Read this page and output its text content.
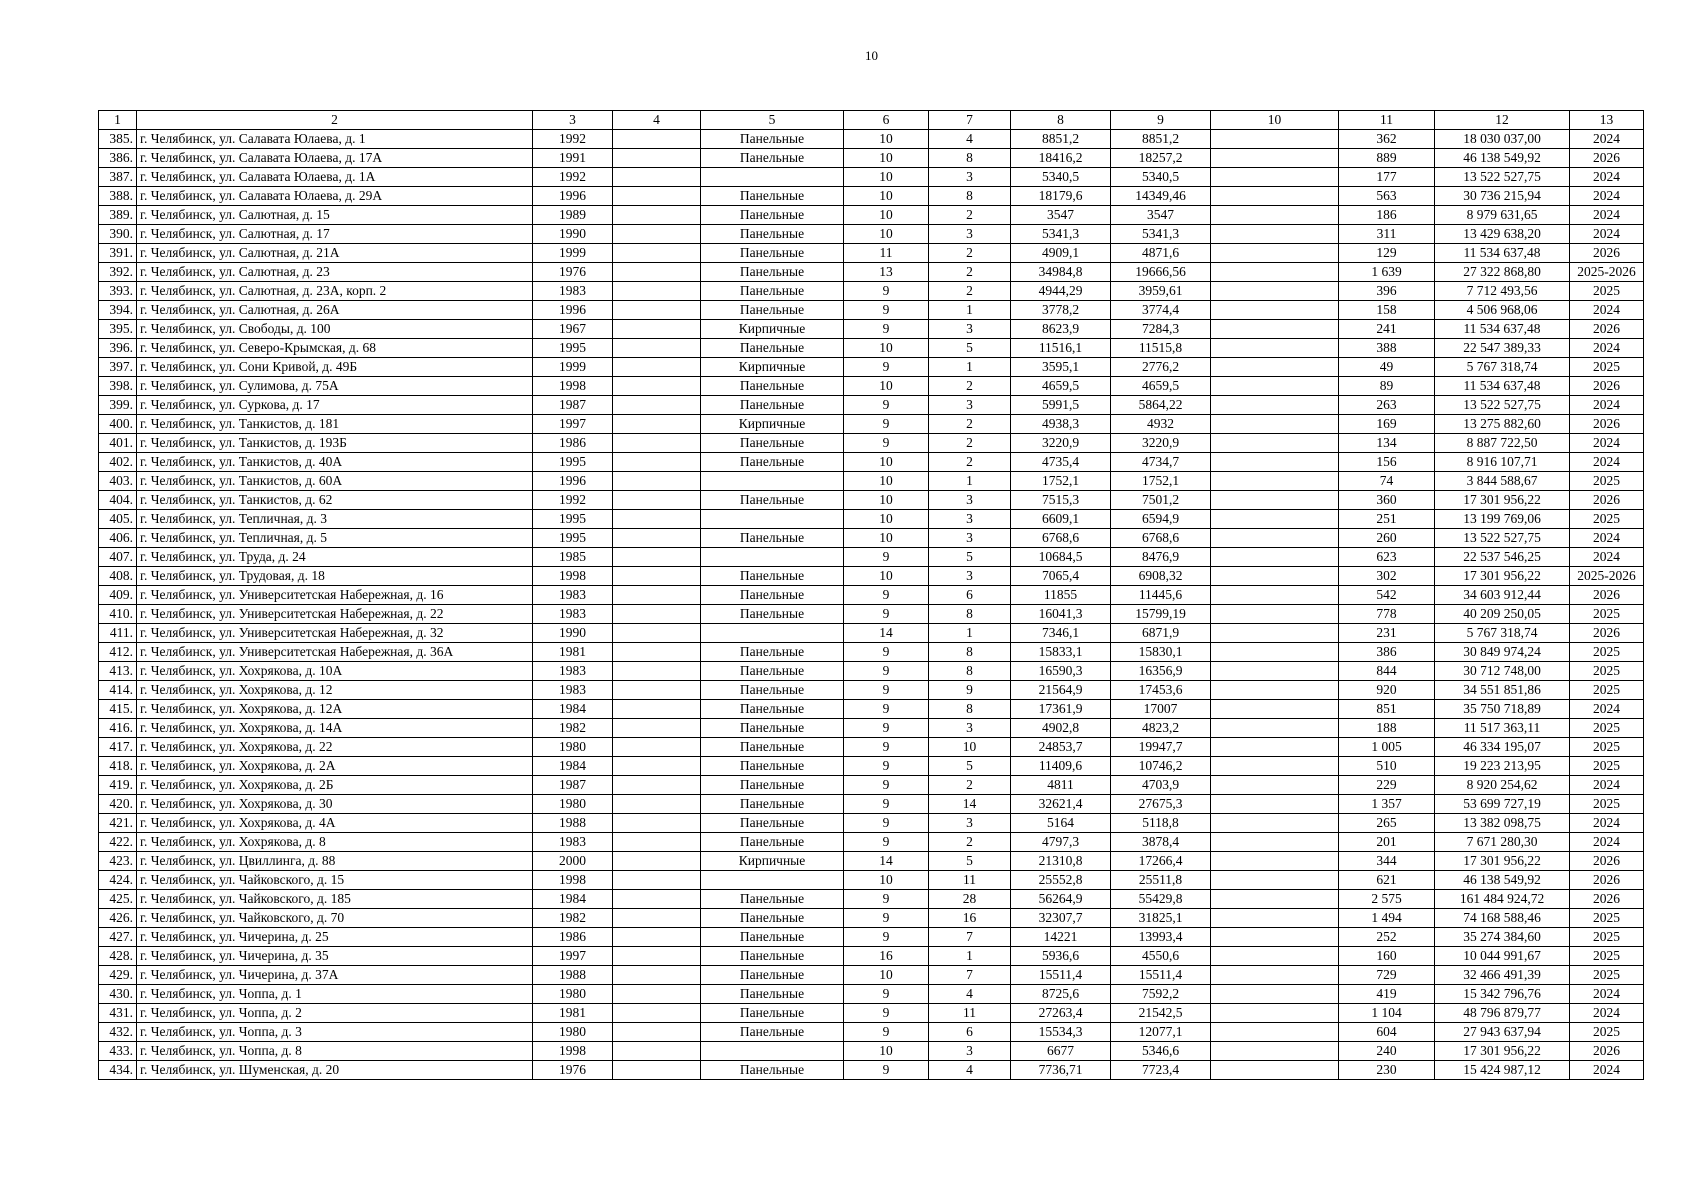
10
1	2	3	4	5	6	7	8	9	10	11	12	13
385.	г. Челябинск, ул. Салавата Юлаева, д. 1	1992		Панельные	10	4	8851,2	8851,2		362	18 030 037,00	2024
386.	г. Челябинск, ул. Салавата Юлаева, д. 17А	1991		Панельные	10	8	18416,2	18257,2		889	46 138 549,92	2026
387.	г. Челябинск, ул. Салавата Юлаева, д. 1А	1992			10	3	5340,5	5340,5		177	13 522 527,75	2024
388.	г. Челябинск, ул. Салавата Юлаева, д. 29А	1996		Панельные	10	8	18179,6	14349,46		563	30 736 215,94	2024
389.	г. Челябинск, ул. Салютная, д. 15	1989		Панельные	10	2	3547	3547		186	8 979 631,65	2024
390.	г. Челябинск, ул. Салютная, д. 17	1990		Панельные	10	3	5341,3	5341,3		311	13 429 638,20	2024
391.	г. Челябинск, ул. Салютная, д. 21А	1999		Панельные	11	2	4909,1	4871,6		129	11 534 637,48	2026
392.	г. Челябинск, ул. Салютная, д. 23	1976		Панельные	13	2	34984,8	19666,56		1 639	27 322 868,80	2025-2026
393.	г. Челябинск, ул. Салютная, д. 23А, корп. 2	1983		Панельные	9	2	4944,29	3959,61		396	7 712 493,56	2025
394.	г. Челябинск, ул. Салютная, д. 26А	1996		Панельные	9	1	3778,2	3774,4		158	4 506 968,06	2024
395.	г. Челябинск, ул. Свободы, д. 100	1967		Кирпичные	9	3	8623,9	7284,3		241	11 534 637,48	2026
396.	г. Челябинск, ул. Северо-Крымская, д. 68	1995		Панельные	10	5	11516,1	11515,8		388	22 547 389,33	2024
397.	г. Челябинск, ул. Сони Кривой, д. 49Б	1999		Кирпичные	9	1	3595,1	2776,2		49	5 767 318,74	2025
398.	г. Челябинск, ул. Сулимова, д. 75А	1998		Панельные	10	2	4659,5	4659,5		89	11 534 637,48	2026
399.	г. Челябинск, ул. Суркова, д. 17	1987		Панельные	9	3	5991,5	5864,22		263	13 522 527,75	2024
400.	г. Челябинск, ул. Танкистов, д. 181	1997		Кирпичные	9	2	4938,3	4932		169	13 275 882,60	2026
401.	г. Челябинск, ул. Танкистов, д. 193Б	1986		Панельные	9	2	3220,9	3220,9		134	8 887 722,50	2024
402.	г. Челябинск, ул. Танкистов, д. 40А	1995		Панельные	10	2	4735,4	4734,7		156	8 916 107,71	2024
403.	г. Челябинск, ул. Танкистов, д. 60А	1996			10	1	1752,1	1752,1		74	3 844 588,67	2025
404.	г. Челябинск, ул. Танкистов, д. 62	1992		Панельные	10	3	7515,3	7501,2		360	17 301 956,22	2026
405.	г. Челябинск, ул. Тепличная, д. 3	1995			10	3	6609,1	6594,9		251	13 199 769,06	2025
406.	г. Челябинск, ул. Тепличная, д. 5	1995		Панельные	10	3	6768,6	6768,6		260	13 522 527,75	2024
407.	г. Челябинск, ул. Труда, д. 24	1985			9	5	10684,5	8476,9		623	22 537 546,25	2024
408.	г. Челябинск, ул. Трудовая, д. 18	1998		Панельные	10	3	7065,4	6908,32		302	17 301 956,22	2025-2026
409.	г. Челябинск, ул. Университетская Набережная, д. 16	1983		Панельные	9	6	11855	11445,6		542	34 603 912,44	2026
410.	г. Челябинск, ул. Университетская Набережная, д. 22	1983		Панельные	9	8	16041,3	15799,19		778	40 209 250,05	2025
411.	г. Челябинск, ул. Университетская Набережная, д. 32	1990			14	1	7346,1	6871,9		231	5 767 318,74	2026
412.	г. Челябинск, ул. Университетская Набережная, д. 36А	1981		Панельные	9	8	15833,1	15830,1		386	30 849 974,24	2025
413.	г. Челябинск, ул. Хохрякова, д. 10А	1983		Панельные	9	8	16590,3	16356,9		844	30 712 748,00	2025
414.	г. Челябинск, ул. Хохрякова, д. 12	1983		Панельные	9	9	21564,9	17453,6		920	34 551 851,86	2025
415.	г. Челябинск, ул. Хохрякова, д. 12А	1984		Панельные	9	8	17361,9	17007		851	35 750 718,89	2024
416.	г. Челябинск, ул. Хохрякова, д. 14А	1982		Панельные	9	3	4902,8	4823,2		188	11 517 363,11	2025
417.	г. Челябинск, ул. Хохрякова, д. 22	1980		Панельные	9	10	24853,7	19947,7		1 005	46 334 195,07	2025
418.	г. Челябинск, ул. Хохрякова, д. 2А	1984		Панельные	9	5	11409,6	10746,2		510	19 223 213,95	2025
419.	г. Челябинск, ул. Хохрякова, д. 2Б	1987		Панельные	9	2	4811	4703,9		229	8 920 254,62	2024
420.	г. Челябинск, ул. Хохрякова, д. 30	1980		Панельные	9	14	32621,4	27675,3		1 357	53 699 727,19	2025
421.	г. Челябинск, ул. Хохрякова, д. 4А	1988		Панельные	9	3	5164	5118,8		265	13 382 098,75	2024
422.	г. Челябинск, ул. Хохрякова, д. 8	1983		Панельные	9	2	4797,3	3878,4		201	7 671 280,30	2024
423.	г. Челябинск, ул. Цвиллинга, д. 88	2000		Кирпичные	14	5	21310,8	17266,4		344	17 301 956,22	2026
424.	г. Челябинск, ул. Чайковского, д. 15	1998			10	11	25552,8	25511,8		621	46 138 549,92	2026
425.	г. Челябинск, ул. Чайковского, д. 185	1984		Панельные	9	28	56264,9	55429,8		2 575	161 484 924,72	2026
426.	г. Челябинск, ул. Чайковского, д. 70	1982		Панельные	9	16	32307,7	31825,1		1 494	74 168 588,46	2025
427.	г. Челябинск, ул. Чичерина, д. 25	1986		Панельные	9	7	14221	13993,4		252	35 274 384,60	2025
428.	г. Челябинск, ул. Чичерина, д. 35	1997		Панельные	16	1	5936,6	4550,6		160	10 044 991,67	2025
429.	г. Челябинск, ул. Чичерина, д. 37А	1988		Панельные	10	7	15511,4	15511,4		729	32 466 491,39	2025
430.	г. Челябинск, ул. Чоппа, д. 1	1980		Панельные	9	4	8725,6	7592,2		419	15 342 796,76	2024
431.	г. Челябинск, ул. Чоппа, д. 2	1981		Панельные	9	11	27263,4	21542,5		1 104	48 796 879,77	2024
432.	г. Челябинск, ул. Чоппа, д. 3	1980		Панельные	9	6	15534,3	12077,1		604	27 943 637,94	2025
433.	г. Челябинск, ул. Чоппа, д. 8	1998			10	3	6677	5346,6		240	17 301 956,22	2026
434.	г. Челябинск, ул. Шуменская, д. 20	1976		Панельные	9	4	7736,71	7723,4		230	15 424 987,12	2024
